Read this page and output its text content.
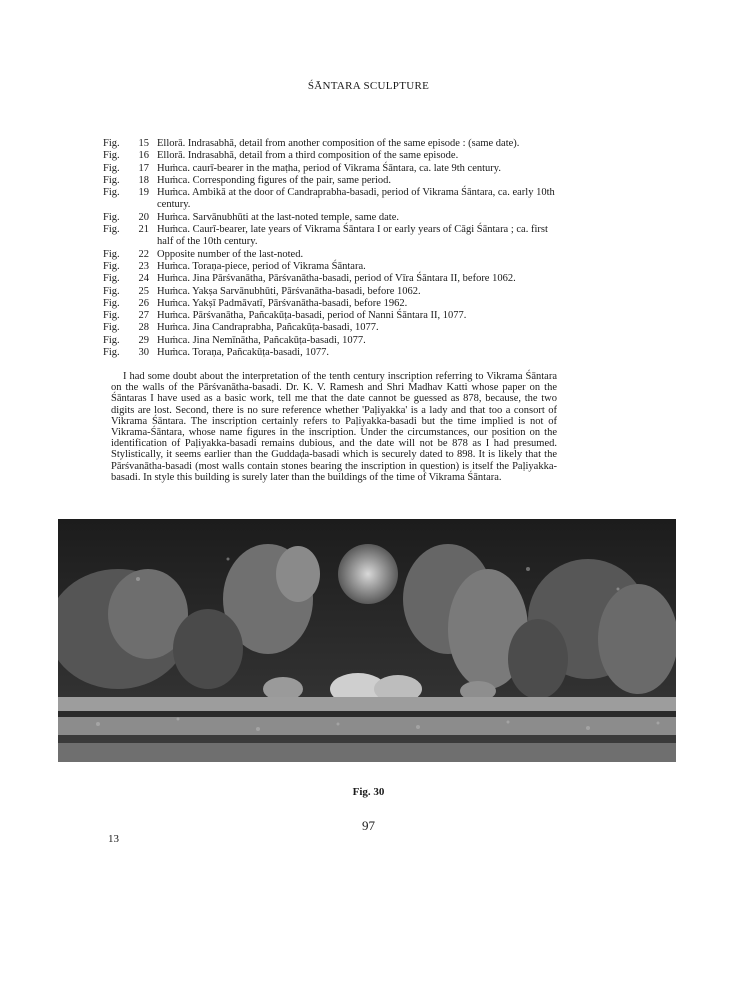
ŚĀNTARA SCULPTURE
Fig.	15 Ellorā. Indrasabhā, detail from another composition of the same episode : (same date).
Fig.	16 Ellorā. Indrasabhā, detail from a third composition of the same episode.
Fig.	17 Huṁca. caurī-bearer in the maṭha, period of Vikrama Śāntara, ca. late 9th century.
Fig.	18 Huṁca. Corresponding figures of the pair, same period.
Fig.	19 Huṁca. Ambikā at the door of Candraprabha-basadi, period of Vikrama Śāntara, ca. early 10th century.
Fig.	20 Huṁca. Sarvānubhūti at the last-noted temple, same date.
Fig.	21 Huṁca. Caurī-bearer, late years of Vikrama Śāntara I or early years of Cāgi Śāntara ; ca. first half of the 10th century.
Fig.	22 Opposite number of the last-noted.
Fig.	23 Huṁca. Toraṇa-piece, period of Vikrama Śāntara.
Fig.	24 Huṁca. Jina Pārśvanātha, Pārśvanātha-basadi, period of Vīra Śāntara II, before 1062.
Fig.	25 Huṁca. Yakṣa Sarvānubhūti, Pārśvanātha-basadi, before 1062.
Fig.	26 Huṁca. Yakṣī Padmāvatī, Pārśvanātha-basadi, before 1962.
Fig.	27 Huṁca. Pārśvanātha, Pañcakūṭa-basadi, period of Nanni Śāntara II, 1077.
Fig.	28 Huṁca. Jina Candraprabha, Pañcakūṭa-basadi, 1077.
Fig.	29 Huṁca. Jina Nemīnātha, Pañcakūṭa-basadi, 1077.
Fig.	30 Huṁca. Toraṇa, Pañcakūṭa-basadi, 1077.

I had some doubt about the interpretation of the tenth century inscription referring to Vikrama Śāntara on the walls of the Pārśvanātha-basadi. Dr. K. V. Ramesh and Shri Madhav Katti whose paper on the Śāntaras I have used as a basic work, tell me that the date cannot be guessed as 878, because, the two digits are lost. Second, there is no sure reference whether 'Paḷiyakka' is a lady and that too a consort of Vikrama Śāntara. The inscription certainly refers to Paḷiyakka-basadi but the time implied is not of Vikrama-Śāntara, whose name figures in the inscription. Under the circumstances, our position on the identification of Paḷiyakka-basadi remains dubious, and the date will not be 878 as I had presumed. Stylistically, it seems earlier than the Guddaḍa-basadi which is securely dated to 898. It is likely that the Pārśvanātha-basadi (most walls contain stones bearing the inscription in question) is itself the Paḷiyakka-basadi. In style this building is surely later than the buildings of the time of Vikrama Śāntara.

Fig. 30
97
13
